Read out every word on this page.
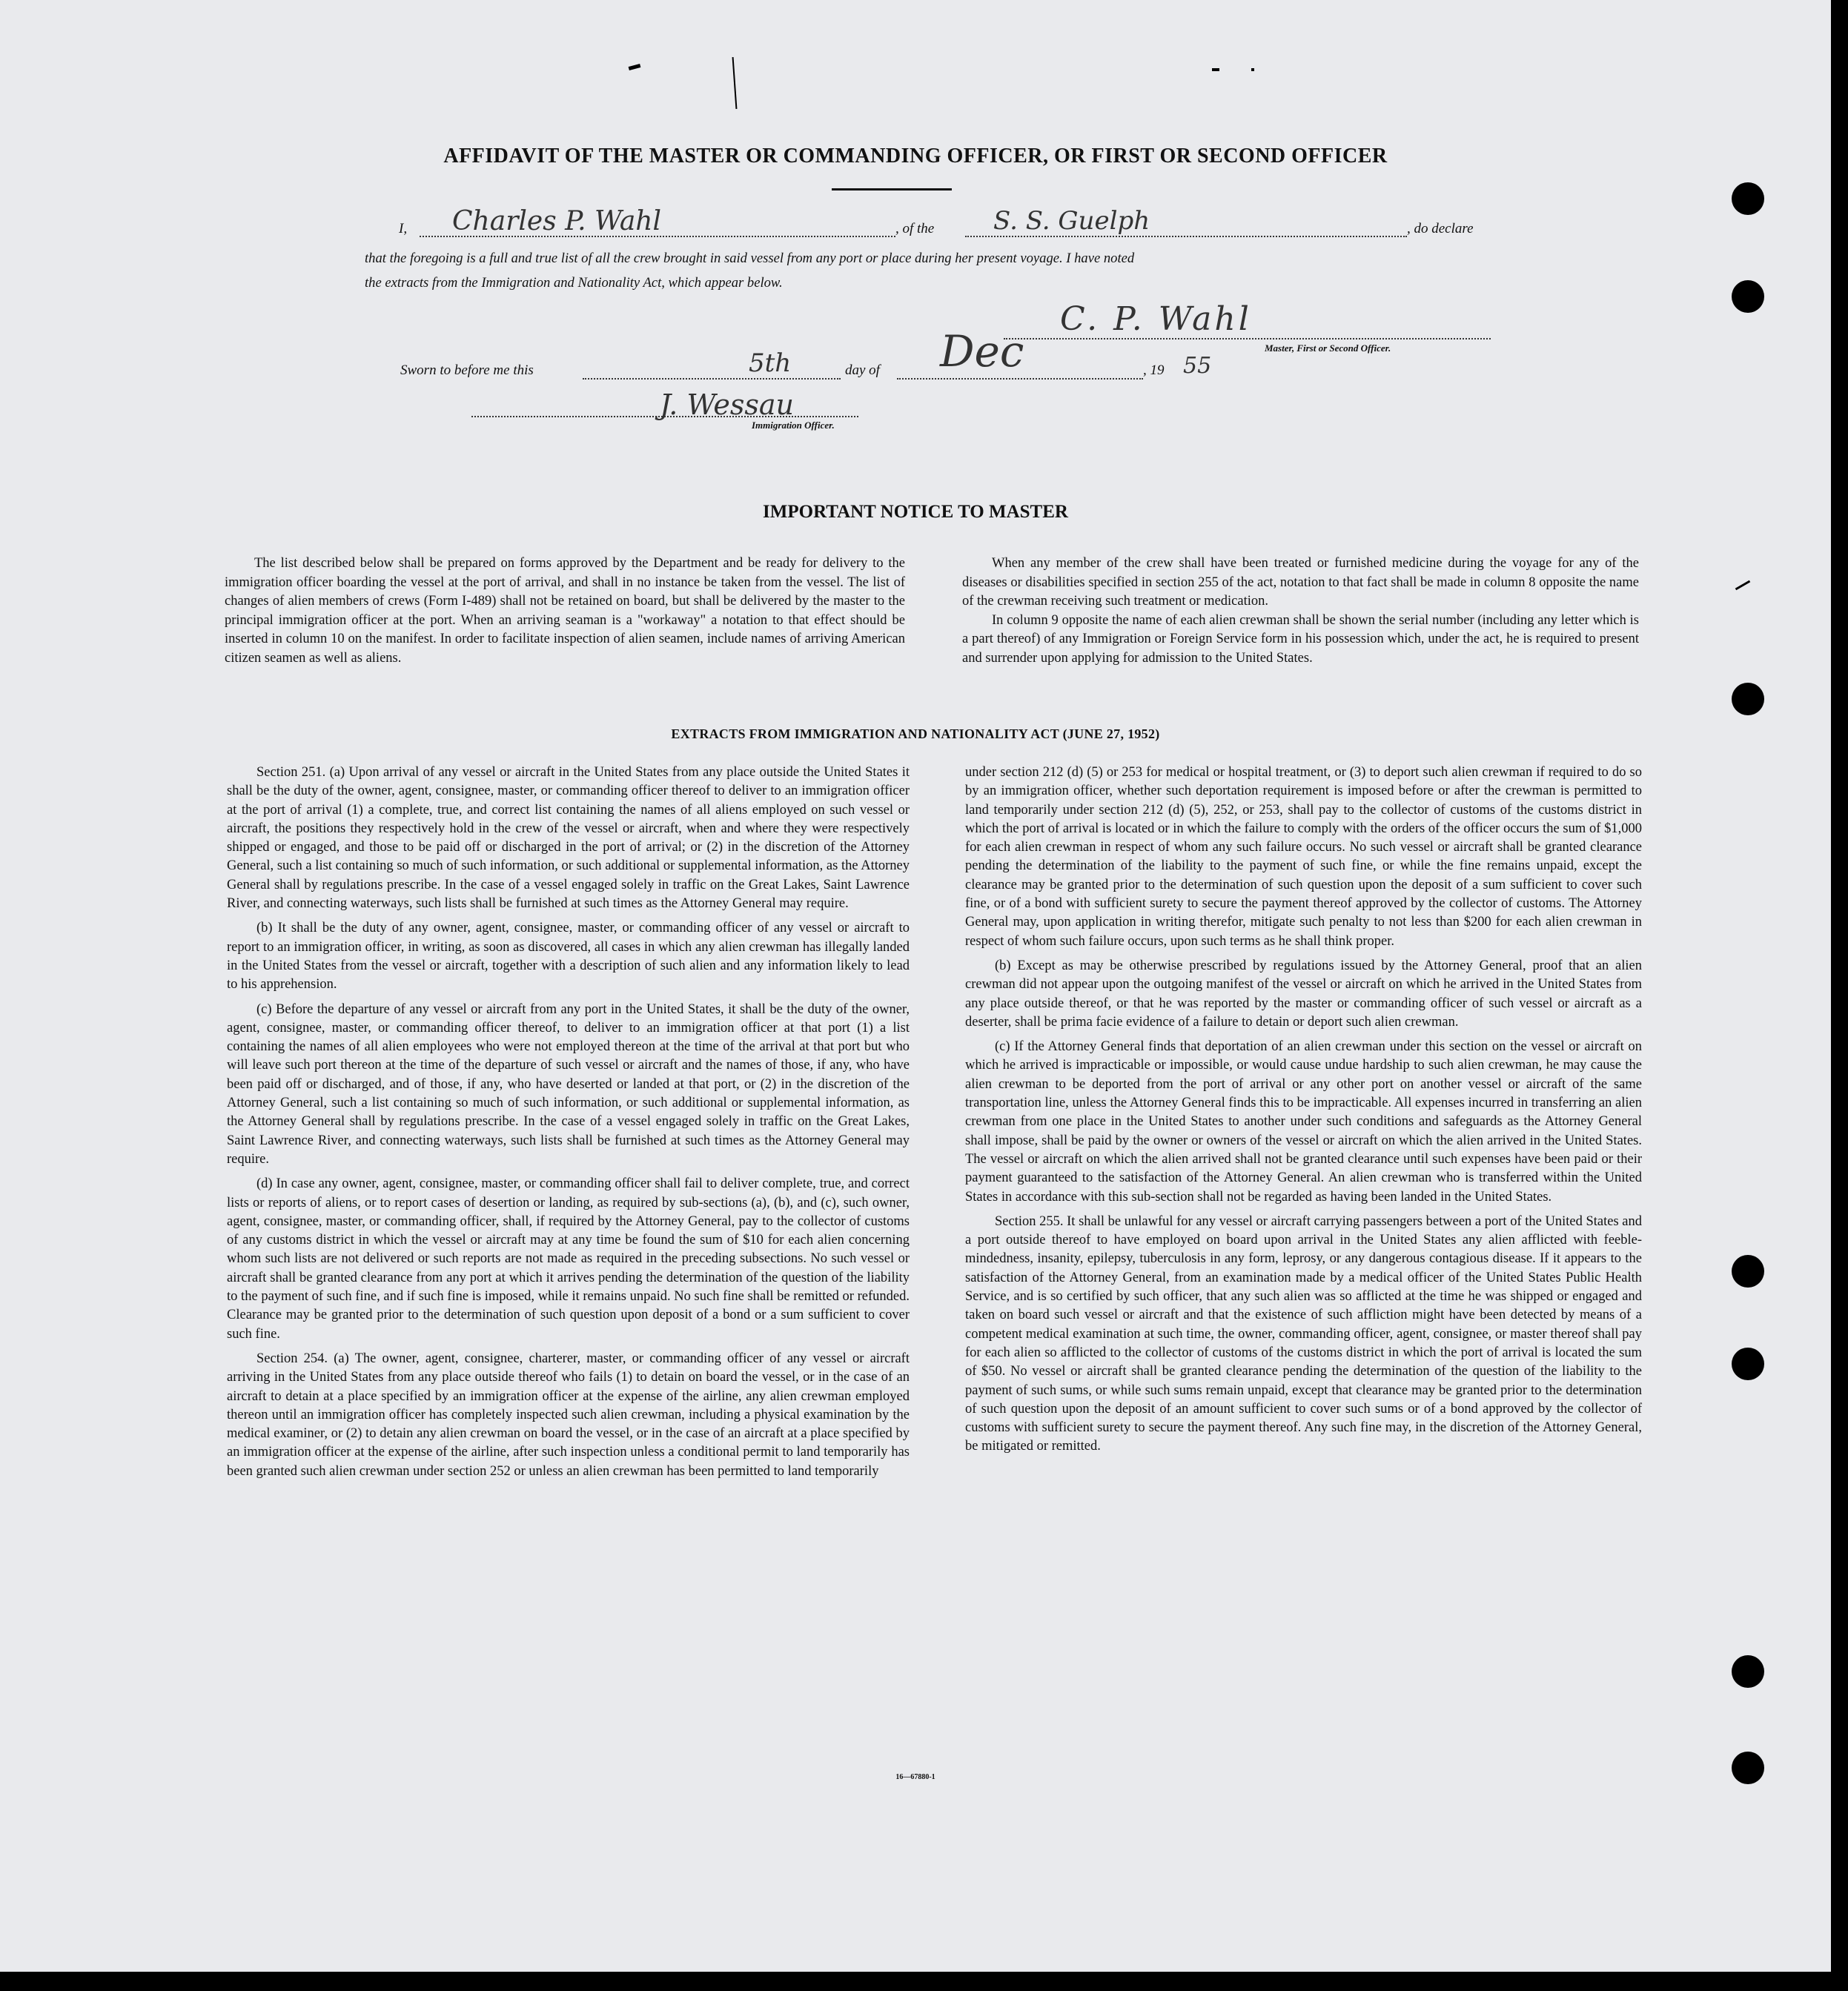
AFFIDAVIT OF THE MASTER OR COMMANDING OFFICER, OR FIRST OR SECOND OFFICER
I, Charles P. Wahl	, of the S. S. Guelph	, do declare
that the foregoing is a full and true list of all the crew brought in said vessel from any port or place during her present voyage. I have noted
the extracts from the Immigration and Nationality Act, which appear below.
C. P. Wahl
Master, First or Second Officer.
Sworn to before me this	5th	day of Dec	, 19 55
J. Wessau
Immigration Officer.
IMPORTANT NOTICE TO MASTER

The list described below shall be prepared on forms approved by the Department and be ready for delivery to the immigration officer boarding the vessel at the port of arrival, and shall in no instance be taken from the vessel. The list of changes of alien members of crews (Form I-489) shall not be retained on board, but shall be delivered by the master to the principal immigration officer at the port. When an arriving seaman is a "workaway" a notation to that effect should be inserted in column 10 on the manifest. In order to facilitate inspection of alien seamen, include names of arriving American citizen seamen as well as aliens.

When any member of the crew shall have been treated or furnished medicine during the voyage for any of the diseases or disabilities specified in section 255 of the act, notation to that fact shall be made in column 8 opposite the name of the crewman receiving such treatment or medication.

In column 9 opposite the name of each alien crewman shall be shown the serial number (including any letter which is a part thereof) of any Immigration or Foreign Service form in his possession which, under the act, he is required to present and surrender upon applying for admission to the United States.

EXTRACTS FROM IMMIGRATION AND NATIONALITY ACT (JUNE 27, 1952)

Section 251. (a) Upon arrival of any vessel or aircraft in the United States from any place outside the United States it shall be the duty of the owner, agent, consignee, master, or commanding officer thereof to deliver to an immigration officer at the port of arrival (1) a complete, true, and correct list containing the names of all aliens employed on such vessel or aircraft, the positions they respectively hold in the crew of the vessel or aircraft, when and where they were respectively shipped or engaged, and those to be paid off or discharged in the port of arrival; or (2) in the discretion of the Attorney General, such a list containing so much of such information, or such additional or supplemental information, as the Attorney General shall by regulations prescribe. In the case of a vessel engaged solely in traffic on the Great Lakes, Saint Lawrence River, and connecting waterways, such lists shall be furnished at such times as the Attorney General may require.

(b) It shall be the duty of any owner, agent, consignee, master, or commanding officer of any vessel or aircraft to report to an immigration officer, in writing, as soon as discovered, all cases in which any alien crewman has illegally landed in the United States from the vessel or aircraft, together with a description of such alien and any information likely to lead to his apprehension.

(c) Before the departure of any vessel or aircraft from any port in the United States, it shall be the duty of the owner, agent, consignee, master, or commanding officer thereof, to deliver to an immigration officer at that port (1) a list containing the names of all alien employees who were not employed thereon at the time of the arrival at that port but who will leave such port thereon at the time of the departure of such vessel or aircraft and the names of those, if any, who have been paid off or discharged, and of those, if any, who have deserted or landed at that port, or (2) in the discretion of the Attorney General, such a list containing so much of such information, or such additional or supplemental information, as the Attorney General shall by regulations prescribe. In the case of a vessel engaged solely in traffic on the Great Lakes, Saint Lawrence River, and connecting waterways, such lists shall be furnished at such times as the Attorney General may require.

(d) In case any owner, agent, consignee, master, or commanding officer shall fail to deliver complete, true, and correct lists or reports of aliens, or to report cases of desertion or landing, as required by sub-sections (a), (b), and (c), such owner, agent, consignee, master, or commanding officer, shall, if required by the Attorney General, pay to the collector of customs of any customs district in which the vessel or aircraft may at any time be found the sum of $10 for each alien concerning whom such lists are not delivered or such reports are not made as required in the preceding subsections. No such vessel or aircraft shall be granted clearance from any port at which it arrives pending the determination of the question of the liability to the payment of such fine, and if such fine is imposed, while it remains unpaid. No such fine shall be remitted or refunded. Clearance may be granted prior to the determination of such question upon deposit of a bond or a sum sufficient to cover such fine.

Section 254. (a) The owner, agent, consignee, charterer, master, or commanding officer of any vessel or aircraft arriving in the United States from any place outside thereof who fails (1) to detain on board the vessel, or in the case of an aircraft to detain at a place specified by an immigration officer at the expense of the airline, any alien crewman employed thereon until an immigration officer has completely inspected such alien crewman, including a physical examination by the medical examiner, or (2) to detain any alien crewman on board the vessel, or in the case of an aircraft at a place specified by an immigration officer at the expense of the airline, after such inspection unless a conditional permit to land temporarily has been granted such alien crewman under section 252 or unless an alien crewman has been permitted to land temporarily

under section 212 (d) (5) or 253 for medical or hospital treatment, or (3) to deport such alien crewman if required to do so by an immigration officer, whether such deportation requirement is imposed before or after the crewman is permitted to land temporarily under section 212 (d) (5), 252, or 253, shall pay to the collector of customs of the customs district in which the port of arrival is located or in which the failure to comply with the orders of the officer occurs the sum of $1,000 for each alien crewman in respect of whom any such failure occurs. No such vessel or aircraft shall be granted clearance pending the determination of the liability to the payment of such fine, or while the fine remains unpaid, except the clearance may be granted prior to the determination of such question upon the deposit of a sum sufficient to cover such fine, or of a bond with sufficient surety to secure the payment thereof approved by the collector of customs. The Attorney General may, upon application in writing therefor, mitigate such penalty to not less than $200 for each alien crewman in respect of whom such failure occurs, upon such terms as he shall think proper.

(b) Except as may be otherwise prescribed by regulations issued by the Attorney General, proof that an alien crewman did not appear upon the outgoing manifest of the vessel or aircraft on which he arrived in the United States from any place outside thereof, or that he was reported by the master or commanding officer of such vessel or aircraft as a deserter, shall be prima facie evidence of a failure to detain or deport such alien crewman.

(c) If the Attorney General finds that deportation of an alien crewman under this section on the vessel or aircraft on which he arrived is impracticable or impossible, or would cause undue hardship to such alien crewman, he may cause the alien crewman to be deported from the port of arrival or any other port on another vessel or aircraft of the same transportation line, unless the Attorney General finds this to be impracticable. All expenses incurred in transferring an alien crewman from one place in the United States to another under such conditions and safeguards as the Attorney General shall impose, shall be paid by the owner or owners of the vessel or aircraft on which the alien arrived in the United States. The vessel or aircraft on which the alien arrived shall not be granted clearance until such expenses have been paid or their payment guaranteed to the satisfaction of the Attorney General. An alien crewman who is transferred within the United States in accordance with this sub-section shall not be regarded as having been landed in the United States.

Section 255. It shall be unlawful for any vessel or aircraft carrying passengers between a port of the United States and a port outside thereof to have employed on board upon arrival in the United States any alien afflicted with feeble-mindedness, insanity, epilepsy, tuberculosis in any form, leprosy, or any dangerous contagious disease. If it appears to the satisfaction of the Attorney General, from an examination made by a medical officer of the United States Public Health Service, and is so certified by such officer, that any such alien was so afflicted at the time he was shipped or engaged and taken on board such vessel or aircraft and that the existence of such affliction might have been detected by means of a competent medical examination at such time, the owner, commanding officer, agent, consignee, or master thereof shall pay for each alien so afflicted to the collector of customs of the customs district in which the port of arrival is located the sum of $50. No vessel or aircraft shall be granted clearance pending the determination of the question of the liability to the payment of such sums, or while such sums remain unpaid, except that clearance may be granted prior to the determination of such question upon the deposit of an amount sufficient to cover such sums or of a bond approved by the collector of customs with sufficient surety to secure the payment thereof. Any such fine may, in the discretion of the Attorney General, be mitigated or remitted.

16—67880-1
